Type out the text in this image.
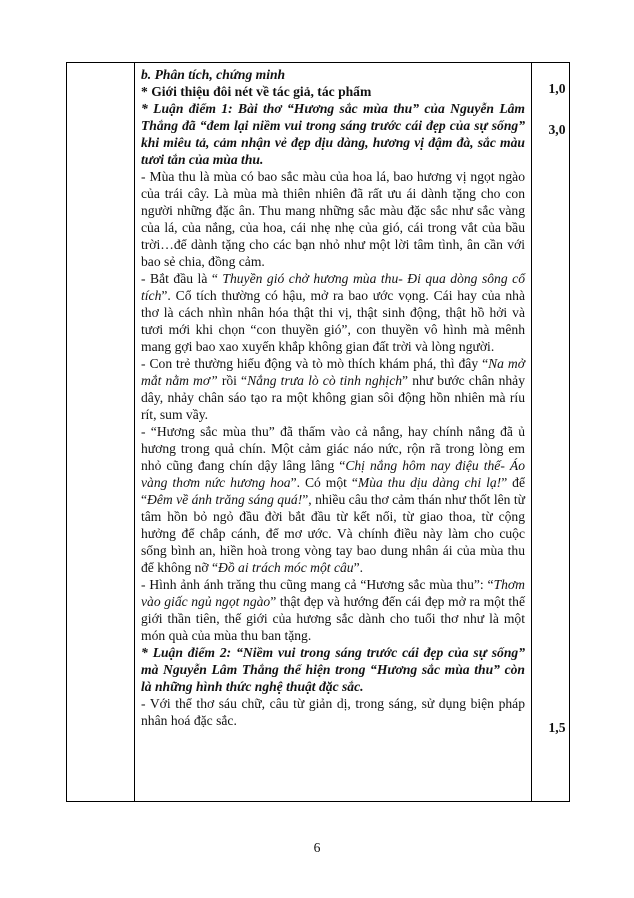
b. Phân tích, chứng minh

* Giới thiệu đôi nét về tác giả, tác phẩm

* Luận điểm 1: Bài thơ “Hương sắc mùa thu” của Nguyễn Lâm Thắng đã “đem lại niềm vui trong sáng trước cái đẹp của sự sống” khi miêu tả, cảm nhận vẻ đẹp dịu dàng, hương vị đậm đà, sắc màu tươi tắn của mùa thu.

- Mùa thu là mùa có bao sắc màu của hoa lá, bao hương vị ngọt ngào của trái cây. Là mùa mà thiên nhiên đã rất ưu ái dành tặng cho con người những đặc ân. Thu mang những sắc màu đặc sắc như sắc vàng của lá, của nắng, của hoa, cái nhẹ nhẹ của gió, cái trong vắt của bầu trời…để dành tặng cho các bạn nhỏ như một lời tâm tình, ân cần với bao sẻ chia, đồng cảm.

- Bắt đầu là “ Thuyền gió chở hương mùa thu- Đi qua dòng sông cổ tích”. Cổ tích thường có hậu, mở ra bao ước vọng. Cái hay của nhà thơ là cách nhìn nhân hóa thật thi vị, thật sinh động, thật hồ hởi và tươi mới khi chọn “con thuyền gió”, con thuyền vô hình mà mênh mang gợi bao xao xuyến khắp không gian đất trời và lòng người.

- Con trẻ thường hiếu động và tò mò thích khám phá, thì đây “Na mở mắt nằm mơ” rồi “Nắng trưa lò cò tinh nghịch” như bước chân nhảy dây, nhảy chân sáo tạo ra một không gian sôi động hồn nhiên mà ríu rít, sum vầy.

- “Hương sắc mùa thu” đã thấm vào cả nắng, hay chính nắng đã ủ hương trong quả chín. Một cảm giác náo nức, rộn rã trong lòng em nhỏ cũng đang chín dậy lâng lâng “Chị nắng hôm nay điệu thế- Áo vàng thơm nức hương hoa”. Có một “Mùa thu dịu dàng chi lạ!” để “Đêm về ánh trăng sáng quá!”, nhiều câu thơ cảm thán như thốt lên từ tâm hồn bỏ ngỏ đầu đời bắt đầu từ kết nối, từ giao thoa, từ cộng hưởng để chắp cánh, để mơ ước. Và chính điều này làm cho cuộc sống bình an, hiền hoà trong vòng tay bao dung nhân ái của mùa thu để không nỡ “Đồ ai trách móc một câu”.

- Hình ảnh ánh trăng thu cũng mang cả “Hương sắc mùa thu”: “Thơm vào giấc ngủ ngọt ngào” thật đẹp và hướng đến cái đẹp mở ra một thế giới thần tiên, thế giới của hương sắc dành cho tuổi thơ như là một món quà của mùa thu ban tặng.

* Luận điểm 2: “Niềm vui trong sáng trước cái đẹp của sự sống” mà Nguyễn Lâm Thắng thể hiện trong “Hương sắc mùa thu” còn là những hình thức nghệ thuật đặc sắc.

- Với thể thơ sáu chữ, câu từ giản dị, trong sáng, sử dụng biện pháp nhân hoá đặc sắc.

1,0
3,0
1,5
6
